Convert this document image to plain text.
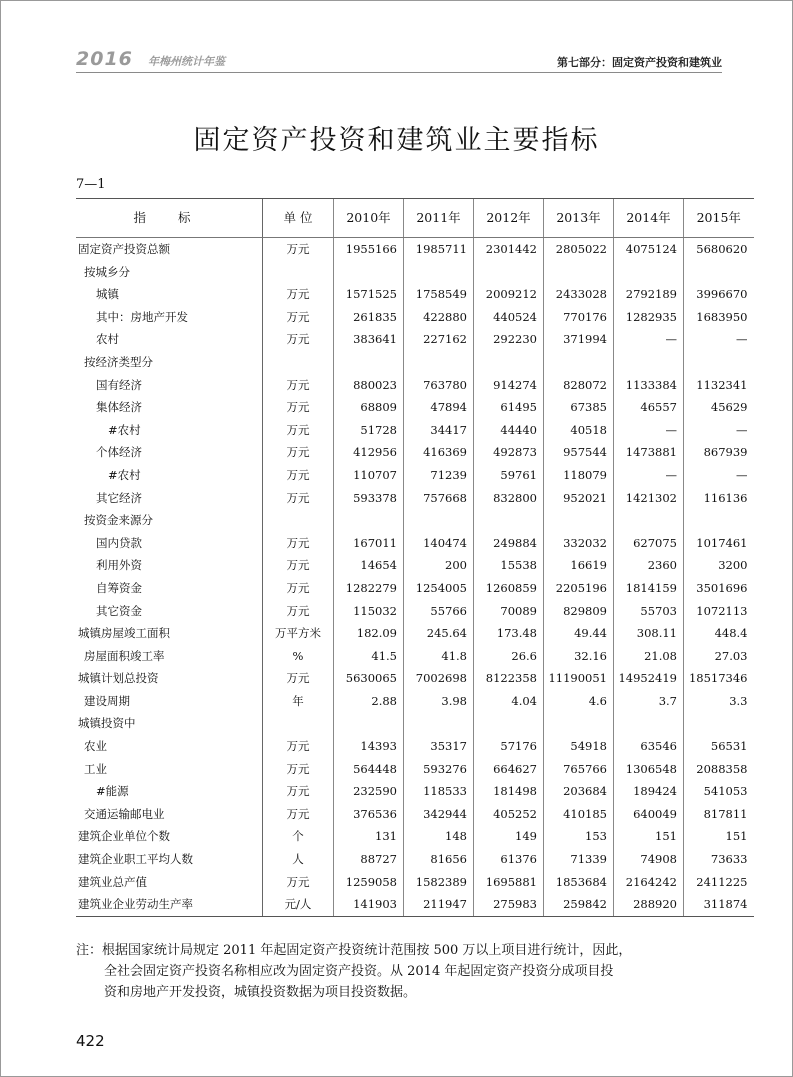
2016 年梅州统计年鉴	第七部分：固定资产投资和建筑业
固定资产投资和建筑业主要指标
7—1
指 标	单 位	2010年	2011年	2012年	2013年	2014年	2015年
固定资产投资总额	万元	1955166	1985711	2301442	2805022	4075124	5680620
按城乡分							
城镇	万元	1571525	1758549	2009212	2433028	2792189	3996670
其中：房地产开发	万元	261835	422880	440524	770176	1282935	1683950
农村	万元	383641	227162	292230	371994	—	—
按经济类型分							
国有经济	万元	880023	763780	914274	828072	1133384	1132341
集体经济	万元	68809	47894	61495	67385	46557	45629
#农村	万元	51728	34417	44440	40518	—	—
个体经济	万元	412956	416369	492873	957544	1473881	867939
#农村	万元	110707	71239	59761	118079	—	—
其它经济	万元	593378	757668	832800	952021	1421302	116136
按资金来源分							
国内贷款	万元	167011	140474	249884	332032	627075	1017461
利用外资	万元	14654	200	15538	16619	2360	3200
自筹资金	万元	1282279	1254005	1260859	2205196	1814159	3501696
其它资金	万元	115032	55766	70089	829809	55703	1072113
城镇房屋竣工面积	万平方米	182.09	245.64	173.48	49.44	308.11	448.4
房屋面积竣工率	%	41.5	41.8	26.6	32.16	21.08	27.03
城镇计划总投资	万元	5630065	7002698	8122358	11190051	14952419	18517346
建设周期	年	2.88	3.98	4.04	4.6	3.7	3.3
城镇投资中							
农业	万元	14393	35317	57176	54918	63546	56531
工业	万元	564448	593276	664627	765766	1306548	2088358
#能源	万元	232590	118533	181498	203684	189424	541053
交通运输邮电业	万元	376536	342944	405252	410185	640049	817811
建筑企业单位个数	个	131	148	149	153	151	151
建筑企业职工平均人数	人	88727	81656	61376	71339	74908	73633
建筑业总产值	万元	1259058	1582389	1695881	1853684	2164242	2411225
建筑业企业劳动生产率	元/人	141903	211947	275983	259842	288920	311874
注：根据国家统计局规定 2011 年起固定资产投资统计范围按 500 万以上项目进行统计，因此，
全社会固定资产投资名称相应改为固定资产投资。从 2014 年起固定资产投资分成项目投
资和房地产开发投资，城镇投资数据为项目投资数据。
422
